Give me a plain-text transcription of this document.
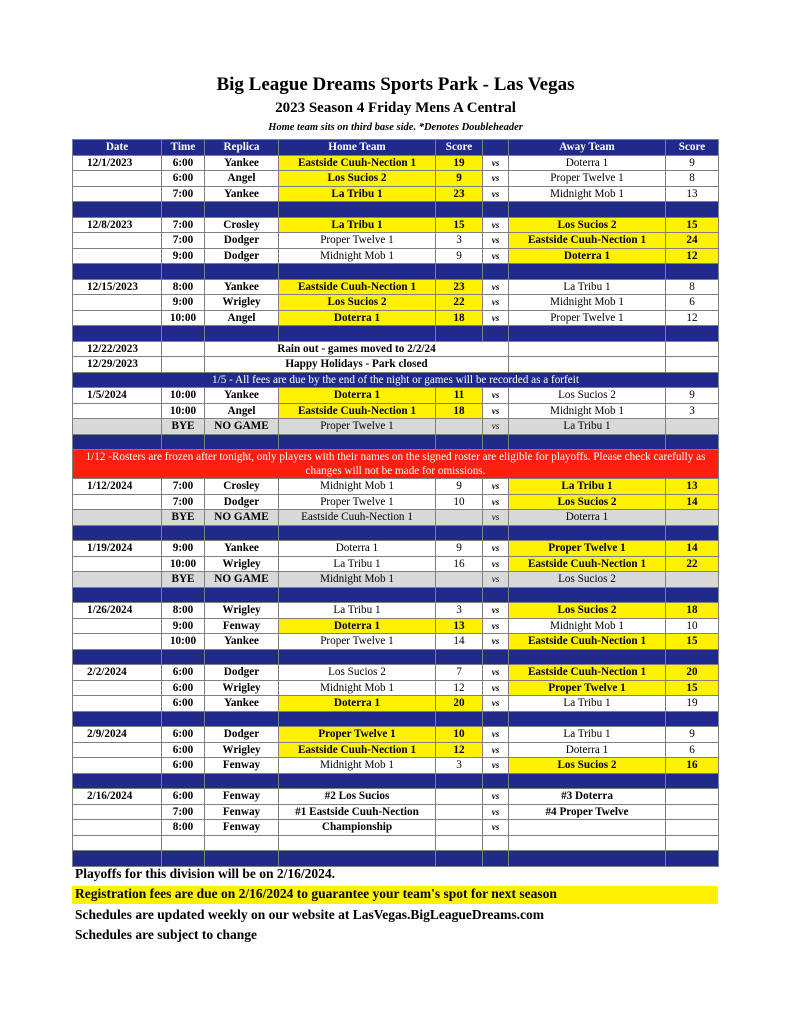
Big League Dreams Sports Park - Las Vegas
2023 Season 4 Friday Mens A Central
Home team sits on third base side. *Denotes Doubleheader
Date	Time	Replica	Home Team	Score		Away Team	Score
12/1/2023	6:00	Yankee	Eastside Cuuh-Nection 1	19	vs	Doterra 1	9
	6:00	Angel	Los Sucios 2	9	vs	Proper Twelve 1	8
	7:00	Yankee	La Tribu 1	23	vs	Midnight Mob 1	13

12/8/2023	7:00	Crosley	La Tribu 1	15	vs	Los Sucios 2	15
	7:00	Dodger	Proper Twelve 1	3	vs	Eastside Cuuh-Nection 1	24
	9:00	Dodger	Midnight Mob 1	9	vs	Doterra 1	12

12/15/2023	8:00	Yankee	Eastside Cuuh-Nection 1	23	vs	La Tribu 1	8
	9:00	Wrigley	Los Sucios 2	22	vs	Midnight Mob 1	6
	10:00	Angel	Doterra 1	18	vs	Proper Twelve 1	12

12/22/2023		Rain out - games moved to 2/2/24					
12/29/2023		Happy Holidays - Park closed					
1/5 - All fees are due by the end of the night or games will be recorded as a forfeit							
1/5/2024	10:00	Yankee	Doterra 1	11	vs	Los Sucios 2	9
	10:00	Angel	Eastside Cuuh-Nection 1	18	vs	Midnight Mob 1	3
	BYE	NO GAME	Proper Twelve 1		vs	La Tribu 1	

1/12 -Rosters are frozen after tonight, only players with their names on the signed roster are eligible for playoffs. Please check carefully as changes will not be made for omissions.							
1/12/2024	7:00	Crosley	Midnight Mob 1	9	vs	La Tribu 1	13
	7:00	Dodger	Proper Twelve 1	10	vs	Los Sucios 2	14
	BYE	NO GAME	Eastside Cuuh-Nection 1		vs	Doterra 1	

1/19/2024	9:00	Yankee	Doterra 1	9	vs	Proper Twelve 1	14
	10:00	Wrigley	La Tribu 1	16	vs	Eastside Cuuh-Nection 1	22
	BYE	NO GAME	Midnight Mob 1		vs	Los Sucios 2	

1/26/2024	8:00	Wrigley	La Tribu 1	3	vs	Los Sucios 2	18
	9:00	Fenway	Doterra 1	13	vs	Midnight Mob 1	10
	10:00	Yankee	Proper Twelve 1	14	vs	Eastside Cuuh-Nection 1	15

2/2/2024	6:00	Dodger	Los Sucios 2	7	vs	Eastside Cuuh-Nection 1	20
	6:00	Wrigley	Midnight Mob 1	12	vs	Proper Twelve 1	15
	6:00	Yankee	Doterra 1	20	vs	La Tribu 1	19

2/9/2024	6:00	Dodger	Proper Twelve 1	10	vs	La Tribu 1	9
	6:00	Wrigley	Eastside Cuuh-Nection 1	12	vs	Doterra 1	6
	6:00	Fenway	Midnight Mob 1	3	vs	Los Sucios 2	16

2/16/2024	6:00	Fenway	#2 Los Sucios		vs	#3 Doterra	
	7:00	Fenway	#1 Eastside Cuuh-Nection		vs	#4 Proper Twelve	
	8:00	Fenway	Championship		vs		

Playoffs for this division will be on 2/16/2024.
Registration fees are due on 2/16/2024 to guarantee your team's spot for next season
Schedules are updated weekly on our website at LasVegas.BigLeagueDreams.com
Schedules are subject to change
